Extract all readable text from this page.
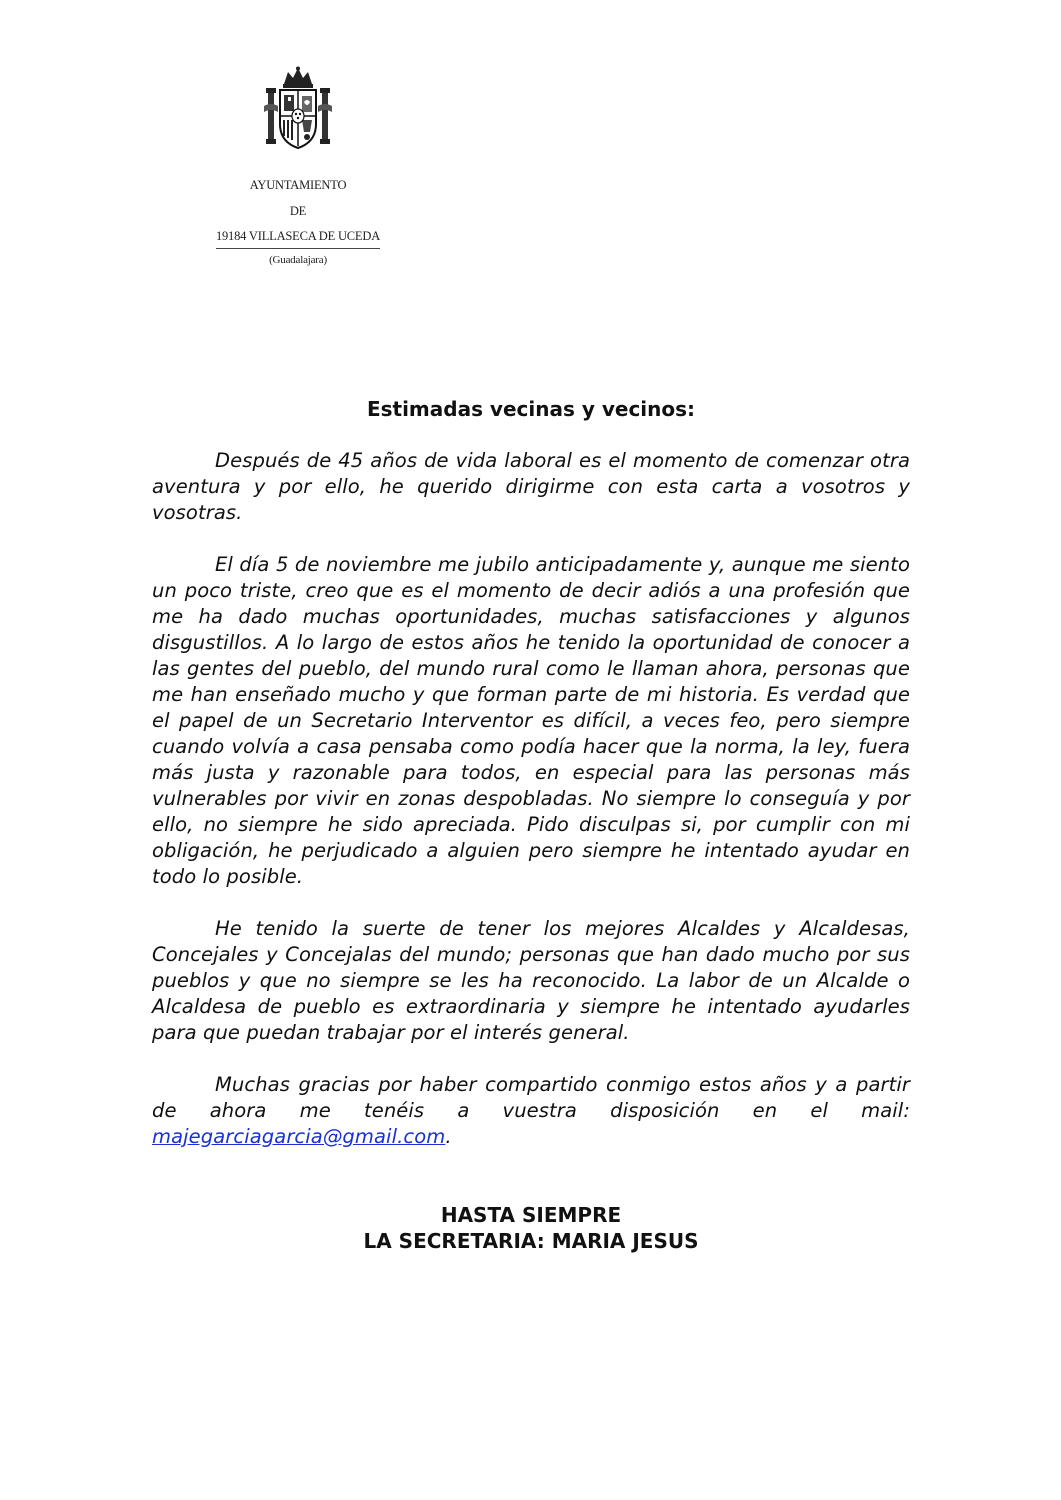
AYUNTAMIENTO
DE
19184 VILLASECA DE UCEDA
(Guadalajara)

Estimadas vecinas y vecinos:

Después de 45 años de vida laboral es el momento de comenzar otra aventura y por ello, he querido dirigirme con esta carta a vosotros y vosotras.

El día 5 de noviembre me jubilo anticipadamente y, aunque me siento un poco triste, creo que es el momento de decir adiós a una profesión que me ha dado muchas oportunidades, muchas satisfacciones y algunos disgustillos. A lo largo de estos años he tenido la oportunidad de conocer a las gentes del pueblo, del mundo rural como le llaman ahora, personas que me han enseñado mucho y que forman parte de mi historia. Es verdad que el papel de un Secretario Interventor es difícil, a veces feo, pero siempre cuando volvía a casa pensaba como podía hacer que la norma, la ley, fuera más justa y razonable para todos, en especial para las personas más vulnerables por vivir en zonas despobladas. No siempre lo conseguía y por ello, no siempre he sido apreciada. Pido disculpas si, por cumplir con mi obligación, he perjudicado a alguien pero siempre he intentado ayudar en todo lo posible.

He tenido la suerte de tener los mejores Alcaldes y Alcaldesas, Concejales y Concejalas del mundo; personas que han dado mucho por sus pueblos y que no siempre se les ha reconocido. La labor de un Alcalde o Alcaldesa de pueblo es extraordinaria y siempre he intentado ayudarles para que puedan trabajar por el interés general.

Muchas gracias por haber compartido conmigo estos años y a partir de ahora me tenéis a vuestra disposición en el mail: majegarciagarcia@gmail.com.

HASTA SIEMPRE
LA SECRETARIA: MARIA JESUS
